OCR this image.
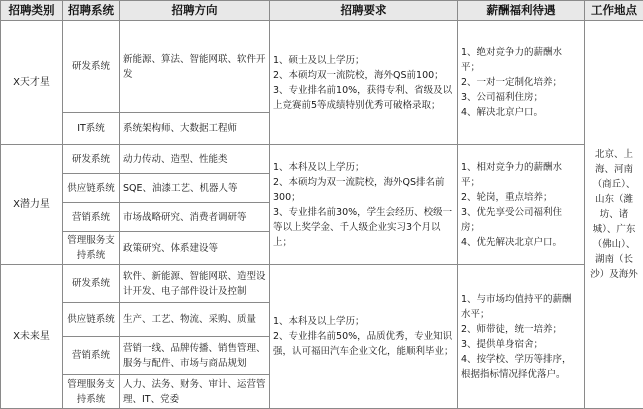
招聘类别	招聘系统	招聘方向	招聘要求	薪酬福利待遇	工作地点
X天才星	研发系统	新能源、算法、智能网联、软件开发	1、硕士及以上学历；
2、本硕均双一流院校，海外QS前100；
3、专业排名前10%，获得专利、省级及以上竞赛前5等成绩特别优秀可破格录取；	1、绝对竞争力的薪酬水平；
2、一对一定制化培养；
3、公司福利住房；
4、解决北京户口。	北京、上海、河南（商丘）、山东（潍坊、诸城）、广东（佛山）、湖南（长沙）及海外
	IT系统	系统架构师、大数据工程师			
X潜力星	研发系统	动力传动、造型、性能类	1、本科及以上学历；
2、本硕均为双一流院校，海外QS排名前300；
3、专业排名前30%，学生会经历、校级一等以上奖学金、千人级企业实习3个月以上；	1、相对竞争力的薪酬水平；
2、轮岗，重点培养；
3、优先享受公司福利住房；
4、优先解决北京户口。	

	供应链系统	SQE、油漆工艺、机器人等			
	营销系统	市场战略研究、消费者调研等			
	管理服务支持系统	政策研究、体系建设等			
X未来星	研发系统	软件、新能源、智能网联、造型设计开发、电子部件设计及控制	1、本科及以上学历；
2、专业排名前50%，品质优秀，专业知识强，认可福田汽车企业文化，能顺利毕业；	1、与市场均值持平的薪酬水平；
2、师带徒，统一培养；
3、提供单身宿舍；
4、按学校、学历等排序，根据指标情况择优落户。	

	供应链系统	生产、工艺、物流、采购、质量			
	营销系统	营销一线、品牌传播、销售管理、服务与配件、市场与商品规划			
	管理服务支持系统	人力、法务、财务、审计、运营管理、IT、党委			
